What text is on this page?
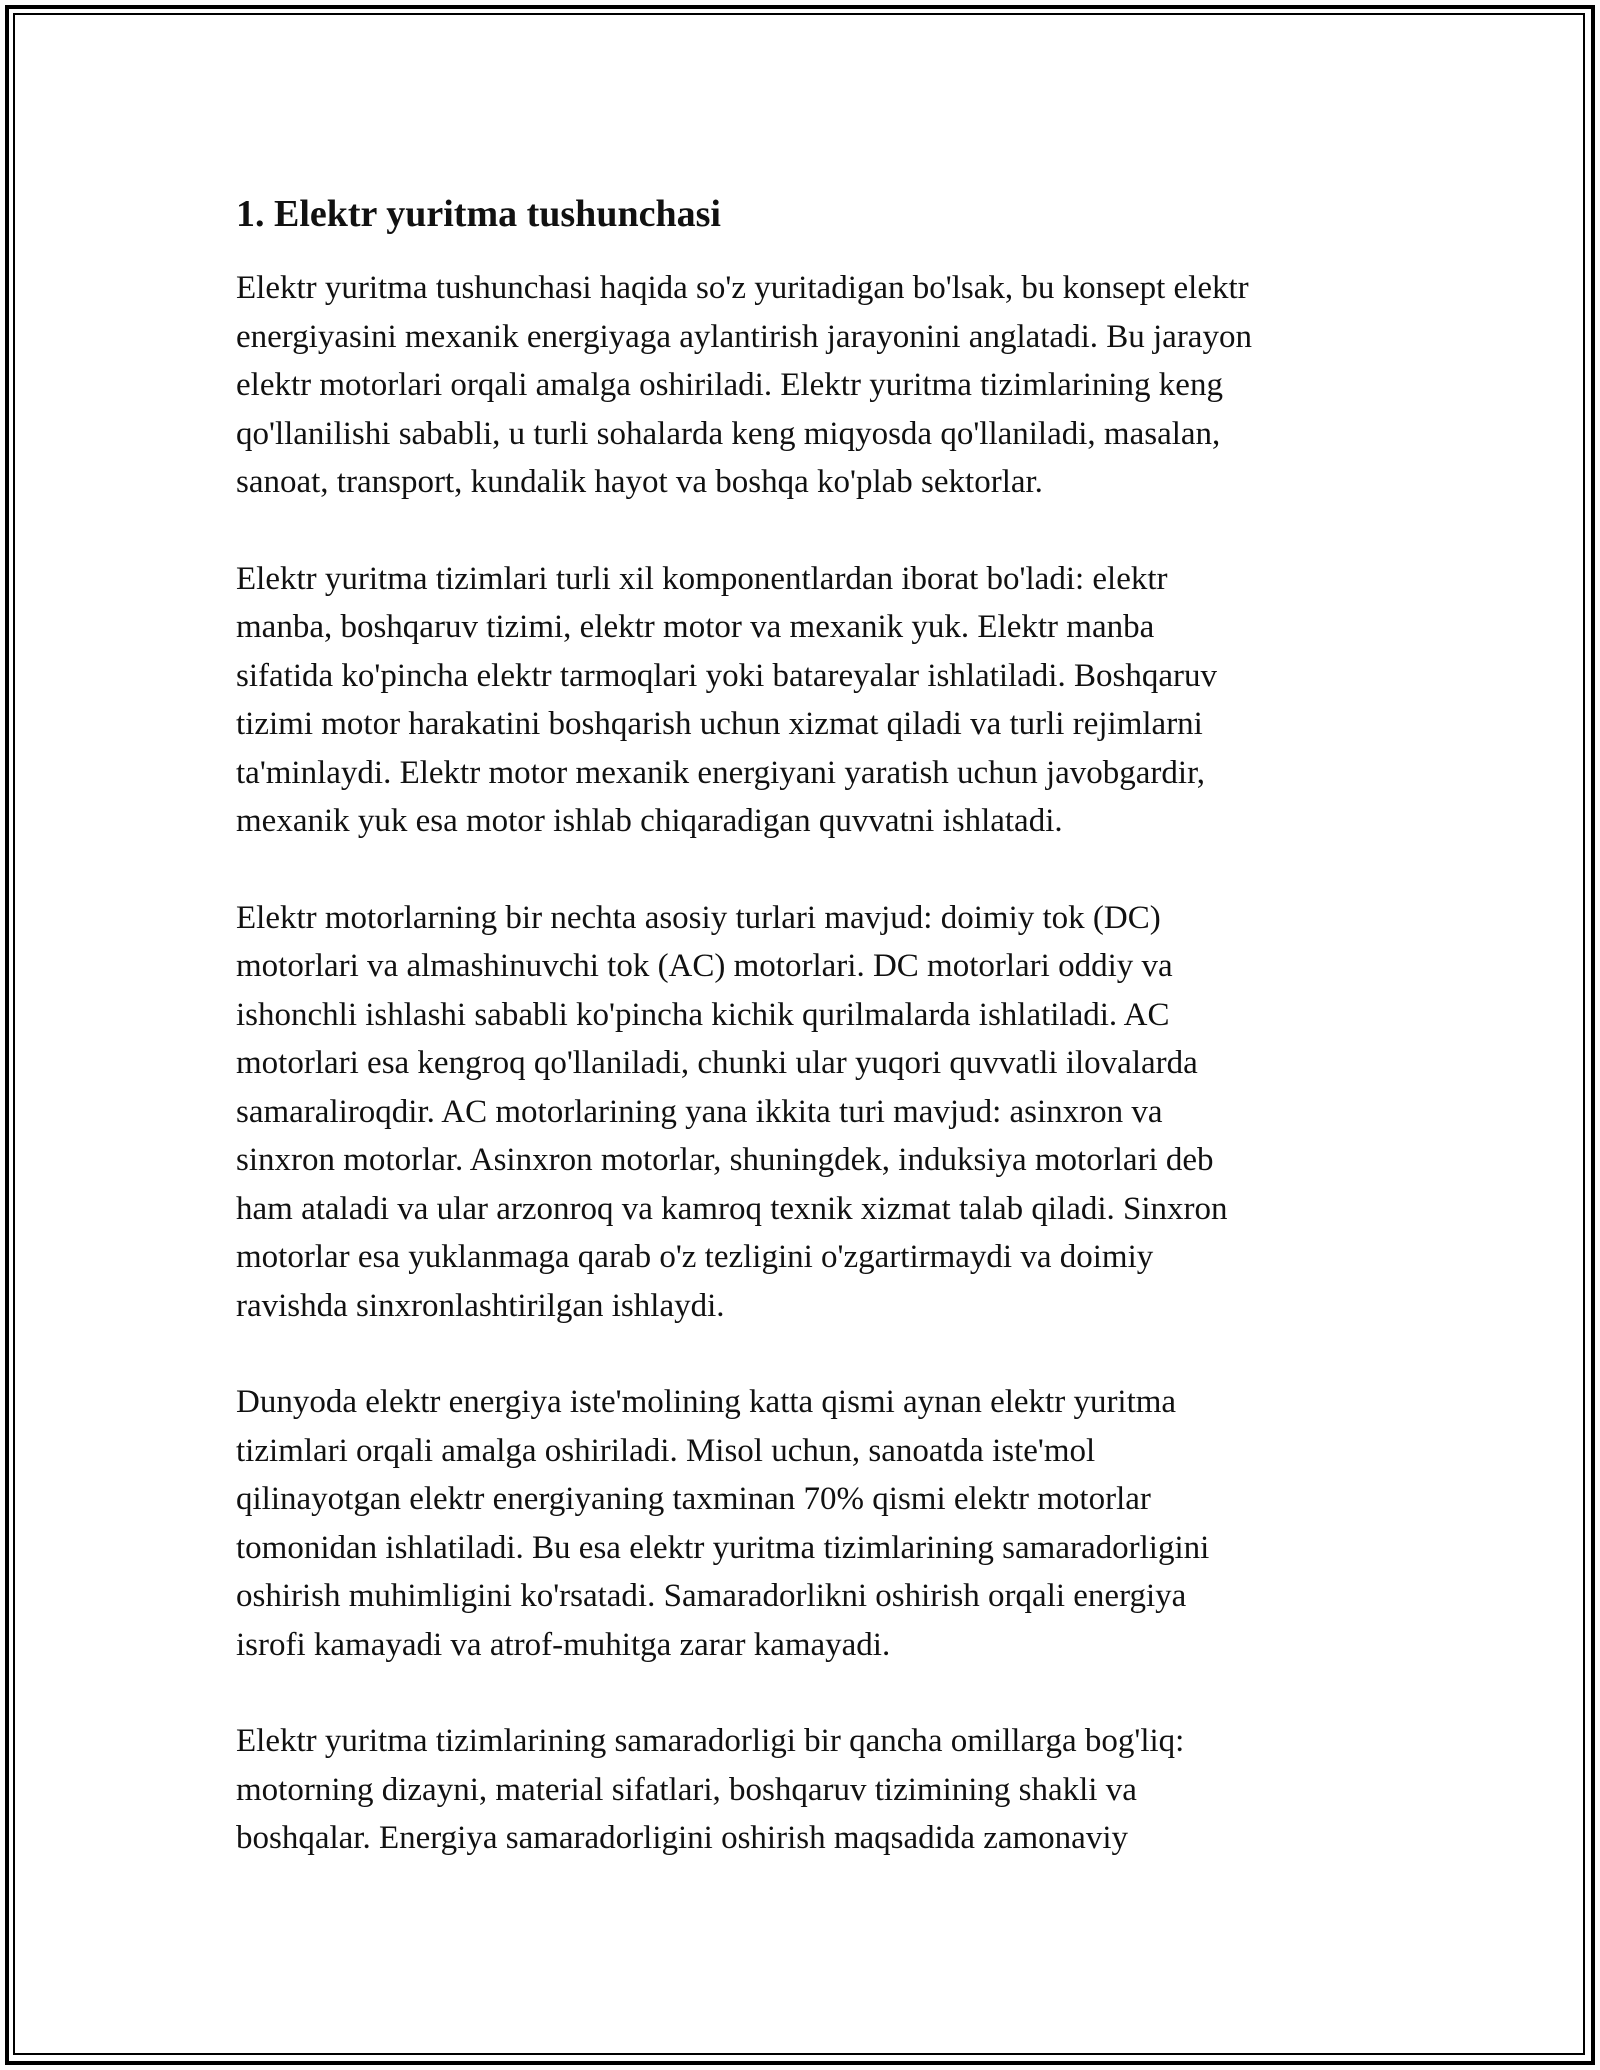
1. Elektr yuritma tushunchasi

Elektr yuritma tushunchasi haqida so'z yuritadigan bo'lsak, bu konsept elektr
energiyasini mexanik energiyaga aylantirish jarayonini anglatadi. Bu jarayon
elektr motorlari orqali amalga oshiriladi. Elektr yuritma tizimlarining keng
qo'llanilishi sababli, u turli sohalarda keng miqyosda qo'llaniladi, masalan,
sanoat, transport, kundalik hayot va boshqa ko'plab sektorlar.

Elektr yuritma tizimlari turli xil komponentlardan iborat bo'ladi: elektr
manba, boshqaruv tizimi, elektr motor va mexanik yuk. Elektr manba
sifatida ko'pincha elektr tarmoqlari yoki batareyalar ishlatiladi. Boshqaruv
tizimi motor harakatini boshqarish uchun xizmat qiladi va turli rejimlarni
ta'minlaydi. Elektr motor mexanik energiyani yaratish uchun javobgardir,
mexanik yuk esa motor ishlab chiqaradigan quvvatni ishlatadi.

Elektr motorlarning bir nechta asosiy turlari mavjud: doimiy tok (DC)
motorlari va almashinuvchi tok (AC) motorlari. DC motorlari oddiy va
ishonchli ishlashi sababli ko'pincha kichik qurilmalarda ishlatiladi. AC
motorlari esa kengroq qo'llaniladi, chunki ular yuqori quvvatli ilovalarda
samaraliroqdir. AC motorlarining yana ikkita turi mavjud: asinxron va
sinxron motorlar. Asinxron motorlar, shuningdek, induksiya motorlari deb
ham ataladi va ular arzonroq va kamroq texnik xizmat talab qiladi. Sinxron
motorlar esa yuklanmaga qarab o'z tezligini o'zgartirmaydi va doimiy
ravishda sinxronlashtirilgan ishlaydi.

Dunyoda elektr energiya iste'molining katta qismi aynan elektr yuritma
tizimlari orqali amalga oshiriladi. Misol uchun, sanoatda iste'mol
qilinayotgan elektr energiyaning taxminan 70% qismi elektr motorlar
tomonidan ishlatiladi. Bu esa elektr yuritma tizimlarining samaradorligini
oshirish muhimligini ko'rsatadi. Samaradorlikni oshirish orqali energiya
isrofi kamayadi va atrof-muhitga zarar kamayadi.

Elektr yuritma tizimlarining samaradorligi bir qancha omillarga bog'liq:
motorning dizayni, material sifatlari, boshqaruv tizimining shakli va
boshqalar. Energiya samaradorligini oshirish maqsadida zamonaviy
